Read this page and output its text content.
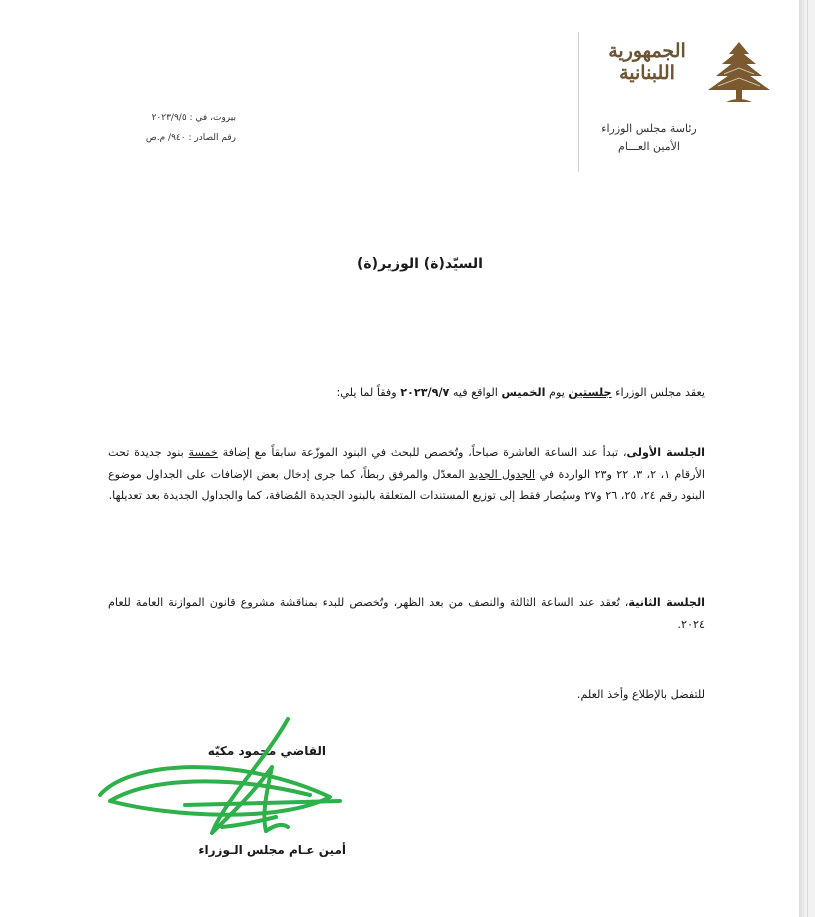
الجمهورية
اللبنانية
رئاسة مجلس الوزراء
الأمين العـــام
بيروت، في : ٢٠٢٣/٩/٥
رقم الصادر : ٩٤٠/ م.ص
السيّد(ة) الوزير(ة)
يعقد مجلس الوزراء جلستين يوم الخميس الواقع فيه ٢٠٢٣/٩/٧ وفقاً لما يلي:
الجلسة الأولى، تبدأ عند الساعة العاشرة صباحاً، وتُخصص للبحث في البنود الموزّعة سابقاً مع إضافة خمسة بنود جديدة تحت الأرقام ١، ٢، ٣، ٢٢ و٢٣ الواردة في الجدول الجديد المعدّل والمرفق ربطاً، كما جرى إدخال بعض الإضافات على الجداول موضوع البنود رقم ٢٤، ٢٥، ٢٦ و٢٧ وسيُصار فقط إلى توزيع المستندات المتعلقة بالبنود الجديدة المُضافة، كما والجداول الجديدة بعد تعديلها.
الجلسة الثانية، تُعقد عند الساعة الثالثة والنصف من بعد الظهر، وتُخصص للبدء بمناقشة مشروع قانون الموازنة العامة للعام ٢٠٢٤.
للتفضل بالإطلاع وأخذ العلم.
القاضي محمود مكيّه
أمين عـام مجلس الـوزراء
